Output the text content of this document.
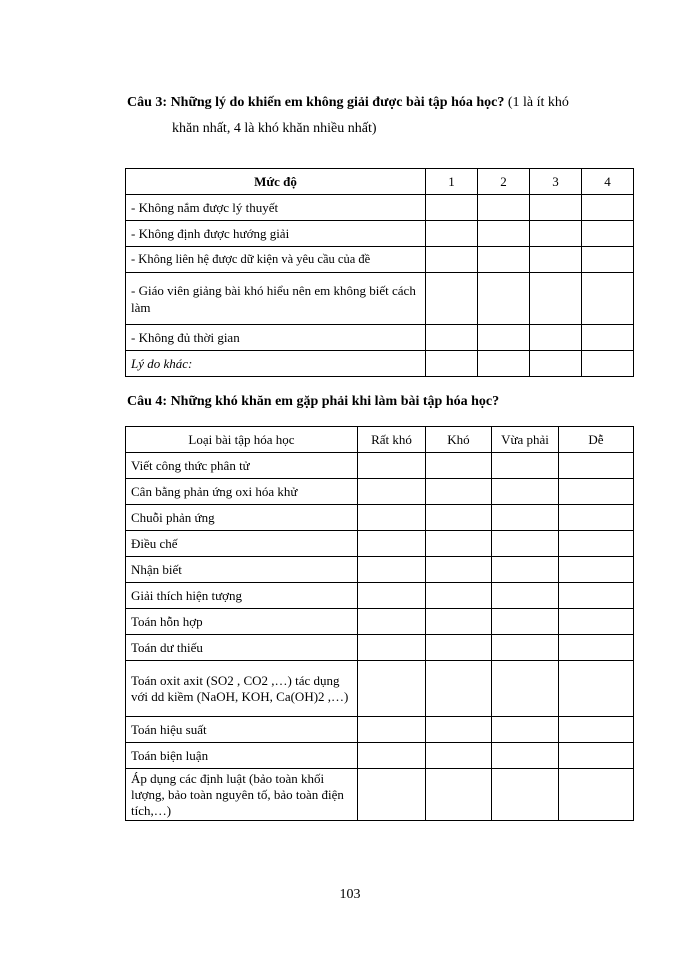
Câu 3: Những lý do khiến em không giải được bài tập hóa học? (1 là ít khó
khăn nhất, 4 là khó khăn nhiều nhất)
Mức độ	1	2	3	4
- Không nắm được lý thuyết				
- Không định được hướng giải				
- Không liên hệ được dữ kiện và yêu cầu của đề				
- Giáo viên giảng bài khó hiểu nên em không biết cách làm				
- Không đủ thời gian				
Lý do khác:				
Câu 4: Những khó khăn em gặp phải khi làm bài tập hóa học?
Loại bài tập hóa học	Rất khó	Khó	Vừa phải	Dễ
Viết công thức phân tử				
Cân bằng phản ứng oxi hóa khử				
Chuỗi phản ứng				
Điều chế				
Nhận biết				
Giải thích hiện tượng				
Toán hỗn hợp				
Toán dư thiếu				
Toán oxit axit (SO2 , CO2 ,…) tác dụng với dd kiềm (NaOH, KOH, Ca(OH)2 ,…)				
Toán hiệu suất				
Toán biện luận				
Áp dụng các định luật (bảo toàn khối lượng, bảo toàn nguyên tố, bảo toàn điện tích,…)				
103
